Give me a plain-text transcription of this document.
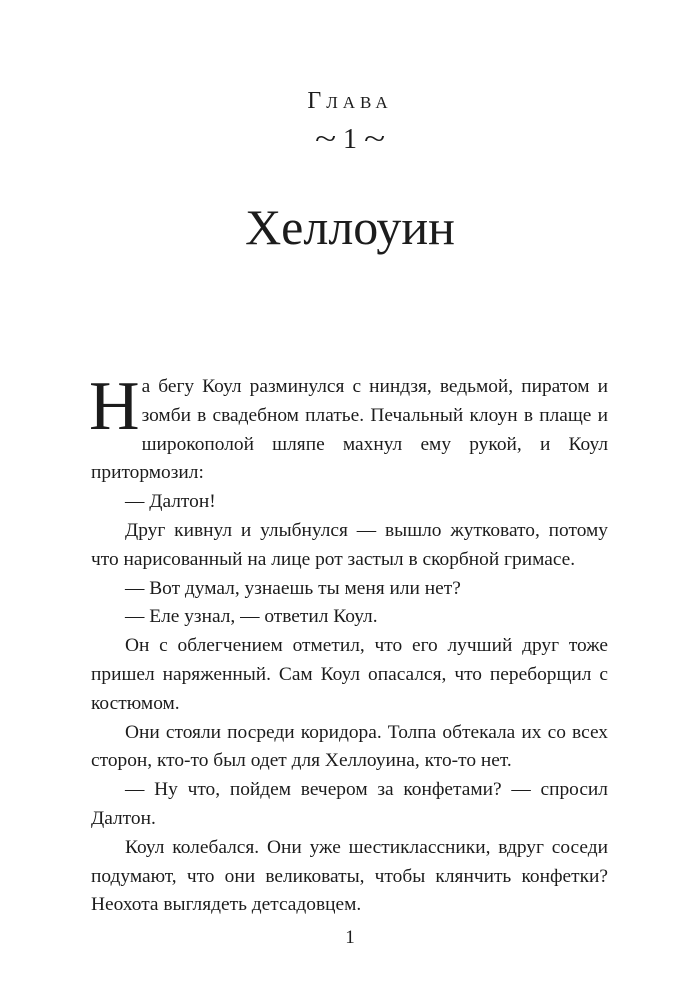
Глава
~ 1 ~
Хеллоуин

На бегу Коул разминулся с ниндзя, ведьмой, пиратом и зомби в свадебном платье. Печальный клоун в плаще и широкополой шляпе махнул ему рукой, и Коул притормозил:

— Далтон!

Друг кивнул и улыбнулся — вышло жутковато, потому что нарисованный на лице рот застыл в скорбной гримасе.

— Вот думал, узнаешь ты меня или нет?

— Еле узнал, — ответил Коул.

Он с облегчением отметил, что его лучший друг тоже пришел наряженный. Сам Коул опасался, что переборщил с костюмом.

Они стояли посреди коридора. Толпа обтекала их со всех сторон, кто-то был одет для Хеллоуина, кто-то нет.

— Ну что, пойдем вечером за конфетами? — спросил Далтон.

Коул колебался. Они уже шестиклассники, вдруг соседи подумают, что они великоваты, чтобы клянчить конфетки? Неохота выглядеть детсадовцем.

1
